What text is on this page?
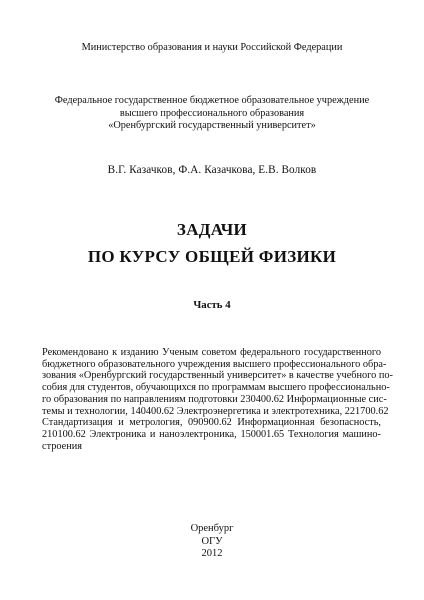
Министерство образования и науки Российской Федерации
Федеральное государственное бюджетное образовательное учреждение
высшего профессионального образования
«Оренбургский государственный университет»
В.Г. Казачков, Ф.А. Казачкова, Е.В. Волков
ЗАДАЧИ
ПО КУРСУ ОБЩЕЙ ФИЗИКИ
Часть 4
Рекомендовано к изданию Ученым советом федерального государственного
бюджетного образовательного учреждения высшего профессионального обра-
зования «Оренбургский государственный университет» в качестве учебного по-
собия для студентов, обучающихся по программам высшего профессионально-
го образования по направлениям подготовки 230400.62 Информационные сис-
темы и технологии, 140400.62 Электроэнергетика и электротехника, 221700.62
Стандартизация и метрология, 090900.62 Информационная безопасность,
210100.62 Электроника и наноэлектроника, 150001.65 Технология машино-
строения
Оренбург
ОГУ
2012
